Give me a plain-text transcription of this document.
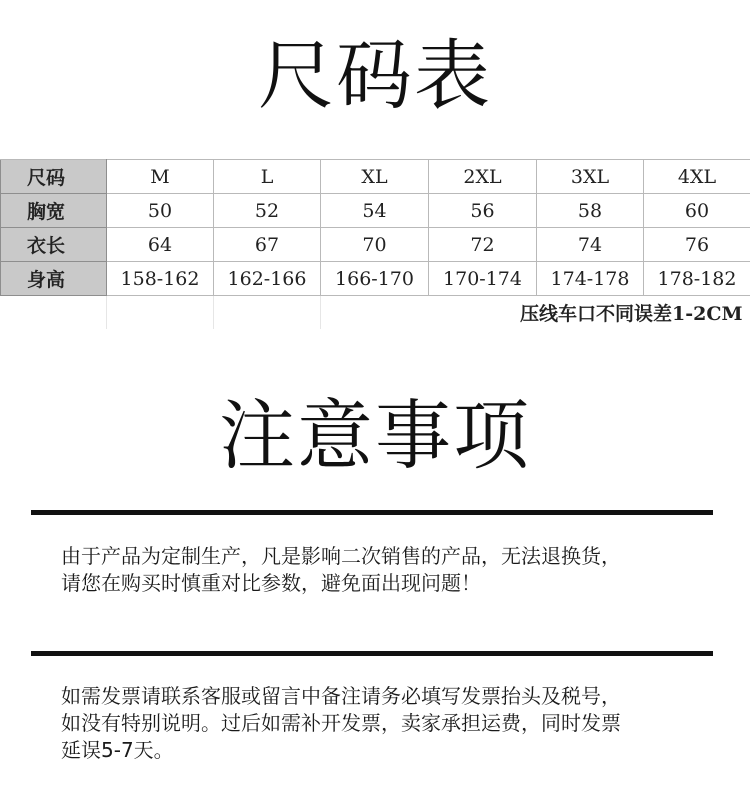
尺码表
尺码	M	L	XL	2XL	3XL	4XL
胸宽	50	52	54	56	58	60
衣长	64	67	70	72	74	76
身高	158-162	162-166	166-170	170-174	174-178	178-182
				压线车口不同误差1-2CM		
注意事项
由于产品为定制生产，凡是影响二次销售的产品，无法退换货，
请您在购买时慎重对比参数，避免面出现问题！
如需发票请联系客服或留言中备注请务必填写发票抬头及税号，
如没有特别说明。过后如需补开发票，卖家承担运费，同时发票
延误5-7天。
